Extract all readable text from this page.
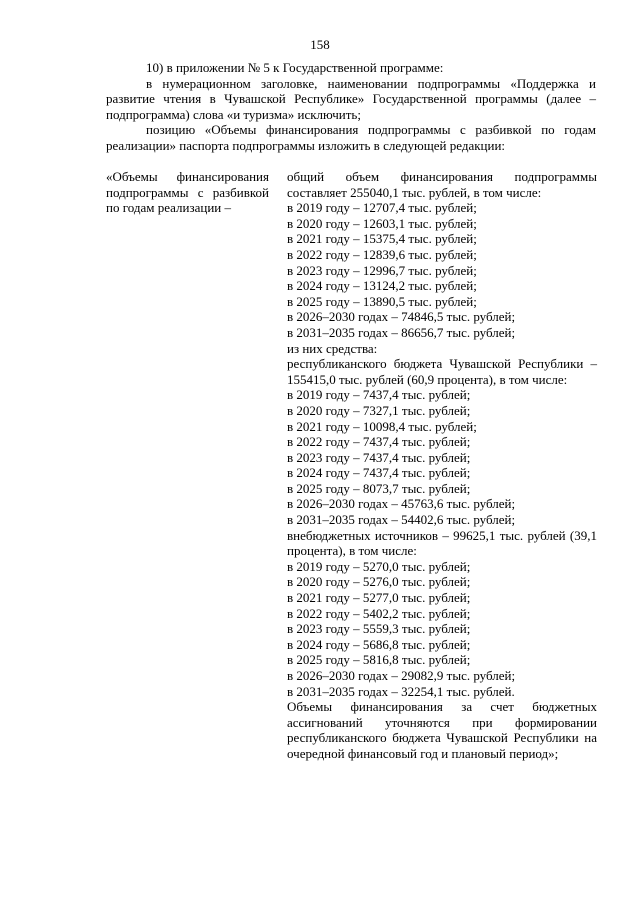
158

10) в приложении № 5 к Государственной программе:

в нумерационном заголовке, наименовании подпрограммы «Поддержка и развитие чтения в Чувашской Республике» Государственной программы (далее – подпрограмма) слова «и туризма» исключить;

позицию «Объемы финансирования подпрограммы с разбивкой по годам реализации» паспорта подпрограммы изложить в следующей редакции:

«Объемы финансирования подпрограммы с разбивкой по годам реализации –
общий объем финансирования подпрограммы составляет 255040,1 тыс. рублей, в том числе:
в 2019 году – 12707,4 тыс. рублей;
в 2020 году – 12603,1 тыс. рублей;
в 2021 году – 15375,4 тыс. рублей;
в 2022 году – 12839,6 тыс. рублей;
в 2023 году – 12996,7 тыс. рублей;
в 2024 году – 13124,2 тыс. рублей;
в 2025 году – 13890,5 тыс. рублей;
в 2026–2030 годах – 74846,5 тыс. рублей;
в 2031–2035 годах – 86656,7 тыс. рублей;
из них средства:
республиканского бюджета Чувашской Республики – 155415,0 тыс. рублей (60,9 процента), в том числе:
в 2019 году – 7437,4 тыс. рублей;
в 2020 году – 7327,1 тыс. рублей;
в 2021 году – 10098,4 тыс. рублей;
в 2022 году – 7437,4 тыс. рублей;
в 2023 году – 7437,4 тыс. рублей;
в 2024 году – 7437,4 тыс. рублей;
в 2025 году – 8073,7 тыс. рублей;
в 2026–2030 годах – 45763,6 тыс. рублей;
в 2031–2035 годах – 54402,6 тыс. рублей;
внебюджетных источников – 99625,1 тыс. рублей (39,1 процента), в том числе:
в 2019 году – 5270,0 тыс. рублей;
в 2020 году – 5276,0 тыс. рублей;
в 2021 году – 5277,0 тыс. рублей;
в 2022 году – 5402,2 тыс. рублей;
в 2023 году – 5559,3 тыс. рублей;
в 2024 году – 5686,8 тыс. рублей;
в 2025 году – 5816,8 тыс. рублей;
в 2026–2030 годах – 29082,9 тыс. рублей;
в 2031–2035 годах – 32254,1 тыс. рублей.
Объемы финансирования за счет бюджетных ассигнований уточняются при формировании республиканского бюджета Чувашской Республики на очередной финансовый год и плановый период»;
